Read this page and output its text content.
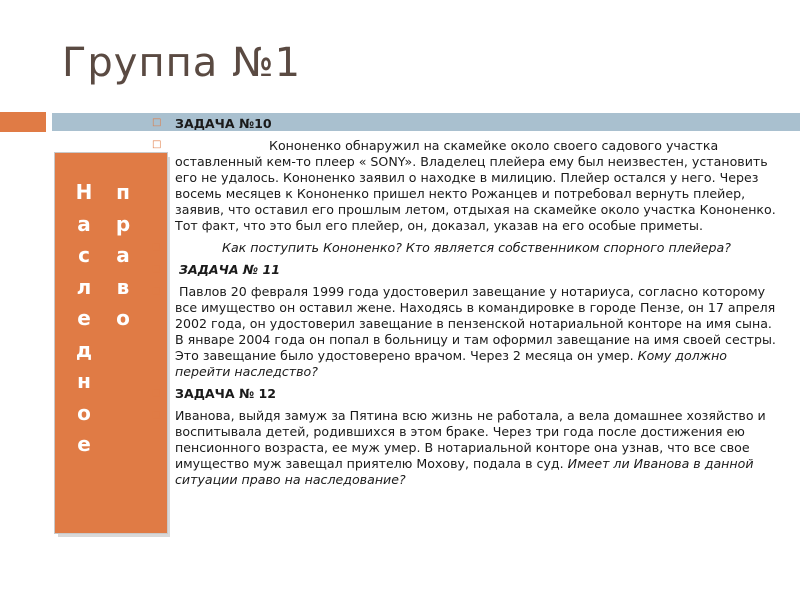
Группа №1
Н
а
с
л
е
д
н
о
е
п
р
а
в
о
□ ЗАДАЧА №10
□ Кононенко обнаружил на скамейке около своего садового участка оставленный кем-то плеер « SONY». Владелец плейера ему был неизвестен, установить его не удалось. Кононенко заявил о находке в милицию. Плейер остался у него. Через восемь месяцев к Кононенко пришел некто Рожанцев и потребовал вернуть плейер, заявив, что оставил его прошлым летом, отдыхая на скамейке около участка Кононенко. Тот факт, что это был его плейер, он, доказал, указав на его особые приметы.
□ Как поступить Кононенко? Кто является собственником спорного плейера?
□ ЗАДАЧА № 11
□ Павлов 20 февраля 1999 года удостоверил завещание у нотариуса, согласно которому все имущество он оставил жене. Находясь в командировке в городе Пензе, он 17 апреля 2002 года, он удостоверил завещание в пензенской нотариальной конторе на имя сына. В январе 2004 года он попал в больницу и там оформил завещание на имя своей сестры. Это завещание было удостоверено врачом. Через 2 месяца он умер. Кому должно перейти наследство?
□ ЗАДАЧА № 12
□ Иванова, выйдя замуж за Пятина всю жизнь не работала, а вела домашнее хозяйство и воспитывала детей, родившихся в этом браке. Через три года после достижения ею пенсионного возраста, ее муж умер. В нотариальной конторе она узнав, что все свое имущество муж завещал приятелю Мохову, подала в суд. Имеет ли Иванова в данной ситуации право на наследование?
